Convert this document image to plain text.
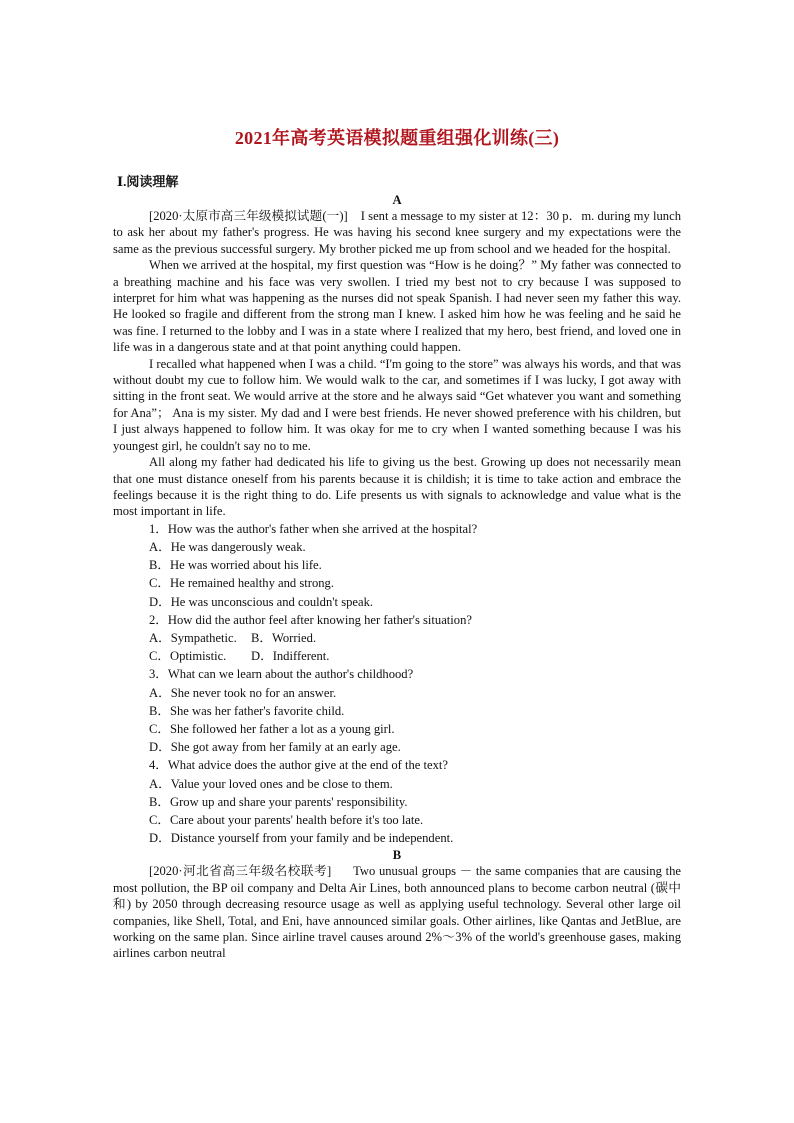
2021年高考英语模拟题重组强化训练(三)
Ⅰ.阅读理解
A

[2020·太原市高三年级模拟试题(一)] I sent a message to my sister at 12：30 p．m. during my lunch to ask her about my father's progress. He was having his second knee surgery and my expectations were the same as the previous successful surgery. My brother picked me up from school and we headed for the hospital.

When we arrived at the hospital, my first question was “How is he doing？” My father was connected to a breathing machine and his face was very swollen. I tried my best not to cry because I was supposed to interpret for him what was happening as the nurses did not speak Spanish. I had never seen my father this way. He looked so fragile and different from the strong man I knew. I asked him how he was feeling and he said he was fine. I returned to the lobby and I was in a state where I realized that my hero, best friend, and loved one in life was in a dangerous state and at that point anything could happen.

I recalled what happened when I was a child. “I'm going to the store” was always his words, and that was without doubt my cue to follow him. We would walk to the car, and sometimes if I was lucky, I got away with sitting in the front seat. We would arrive at the store and he always said “Get whatever you want and something for Ana”； Ana is my sister. My dad and I were best friends. He never showed preference with his children, but I just always happened to follow him. It was okay for me to cry when I wanted something because I was his youngest girl, he couldn't say no to me.

All along my father had dedicated his life to giving us the best. Growing up does not necessarily mean that one must distance oneself from his parents because it is childish; it is time to take action and embrace the feelings because it is the right thing to do. Life presents us with signals to acknowledge and value what is the most important in life.

1．How was the author's father when she arrived at the hospital?
A．He was dangerously weak.
B．He was worried about his life.
C．He remained healthy and strong.
D．He was unconscious and couldn't speak.
2．How did the author feel after knowing her father's situation?
A．Sympathetic. B．Worried.
C．Optimistic. D．Indifferent.
3．What can we learn about the author's childhood?
A．She never took no for an answer.
B．She was her father's favorite child.
C．She followed her father a lot as a young girl.
D．She got away from her family at an early age.
4．What advice does the author give at the end of the text?
A．Value your loved ones and be close to them.
B．Grow up and share your parents' responsibility.
C．Care about your parents' health before it's too late.
D．Distance yourself from your family and be independent.
B

[2020·河北省高三年级名校联考] Two unusual groups － the same companies that are causing the most pollution, the BP oil company and Delta Air Lines, both announced plans to become carbon neutral (碳中和) by 2050 through decreasing resource usage as well as applying useful technology. Several other large oil companies, like Shell, Total, and Eni, have announced similar goals. Other airlines, like Qantas and JetBlue, are working on the same plan. Since airline travel causes around 2%～3% of the world's greenhouse gases, making airlines carbon neutral
